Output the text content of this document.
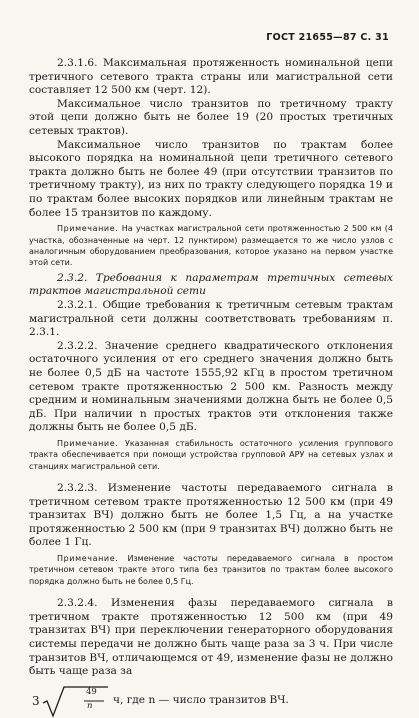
ГОСТ 21655—87 С. 31

2.3.1.6. Максимальная протяженность номинальной цепи третичного сетевого тракта страны или магистральной сети составляет 12 500 км (черт. 12).

Максимальное число транзитов по третичному тракту этой цепи должно быть не более 19 (20 простых третичных сетевых трактов).

Максимальное число транзитов по трактам более высокого порядка на номинальной цепи третичного сетевого тракта должно быть не более 49 (при отсутствии транзитов по третичному тракту), из них по тракту следующего порядка 19 и по трактам более высоких порядков или линейным трактам не более 15 транзитов по каждому.

Примечание. На участках магистральной сети протяженностью 2 500 км (4 участка, обозначенные на черт. 12 пунктиром) размещается то же число узлов с аналогичным оборудованием преобразования, которое указано на первом участке этой сети.

2.3.2. Требования к параметрам третичных сетевых трактов магистральной сети

2.3.2.1. Общие требования к третичным сетевым трактам магистральной сети должны соответствовать требованиям п. 2.3.1.

2.3.2.2. Значение среднего квадратического отклонения остаточного усиления от его среднего значения должно быть не более 0,5 дБ на частоте 1555,92 кГц в простом третичном сетевом тракте протяженностью 2 500 км. Разность между средним и номинальным значениями должна быть не более 0,5 дБ. При наличии n простых трактов эти отклонения также должны быть не более 0,5 дБ.

Примечание. Указанная стабильность остаточного усиления группового тракта обеспечивается при помощи устройства групповой АРУ на сетевых узлах и станциях магистральной сети.

2.3.2.3. Изменение частоты передаваемого сигнала в третичном сетевом тракте протяженностью 12 500 км (при 49 транзитах ВЧ) должно быть не более 1,5 Гц, а на участке протяженностью 2 500 км (при 9 транзитах ВЧ) должно быть не более 1 Гц.

Примечание. Изменение частоты передаваемого сигнала в простом третичном сетевом тракте этого типа без транзитов по трактам более высокого порядка должно быть не более 0,5 Гц.

2.3.2.4. Изменения фазы передаваемого сигнала в третичном тракте протяженностью 12 500 км (при 49 транзитах ВЧ) при переключении генераторного оборудования системы передачи не должно быть чаще раза за 3 ч. При числе транзитов ВЧ, отличающемся от 49, изменение фазы не должно быть чаще раза за

3
49
n ч, где n — число транзитов ВЧ.
